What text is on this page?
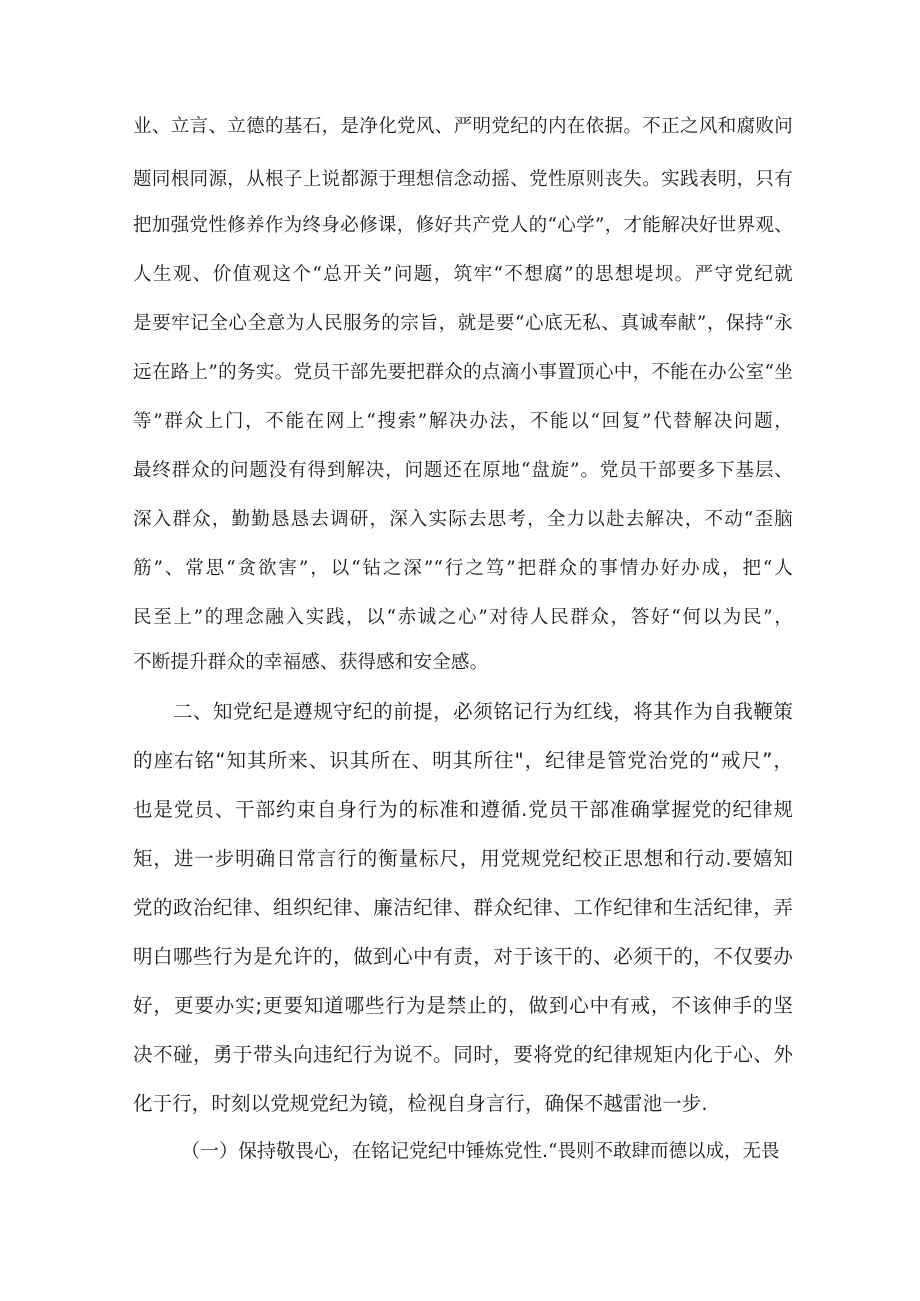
业、立言、立德的基石，是净化党风、严明党纪的内在依据。不正之风和腐败问
题同根同源，从根子上说都源于理想信念动摇、党性原则丧失。实践表明，只有
把加强党性修养作为终身必修课，修好共产党人的“心学”，才能解决好世界观、
人生观、价值观这个“总开关”问题，筑牢“不想腐”的思想堤坝。严守党纪就
是要牢记全心全意为人民服务的宗旨，就是要“心底无私、真诚奉献”，保持“永
远在路上”的务实。党员干部先要把群众的点滴小事置顶心中，不能在办公室“坐
等”群众上门，不能在网上“搜索”解决办法，不能以“回复”代替解决问题，
最终群众的问题没有得到解决，问题还在原地“盘旋”。党员干部要多下基层、
深入群众，勤勤恳恳去调研，深入实际去思考，全力以赴去解决，不动“歪脑
筋”、常思“贪欲害”，以“钻之深”“行之笃”把群众的事情办好办成，把“人
民至上”的理念融入实践，以“赤诚之心”对待人民群众，答好“何以为民”，
不断提升群众的幸福感、获得感和安全感。
二、知党纪是遵规守纪的前提，必须铭记行为红线，将其作为自我鞭策
的座右铭“知其所来、识其所在、明其所往"，纪律是管党治党的“戒尺”，
也是党员、干部约束自身行为的标准和遵循.党员干部准确掌握党的纪律规
矩，进一步明确日常言行的衡量标尺，用党规党纪校正思想和行动.要嬉知
党的政治纪律、组织纪律、廉洁纪律、群众纪律、工作纪律和生活纪律，弄
明白哪些行为是允许的，做到心中有责，对于该干的、必须干的，不仅要办
好，更要办实;更要知道哪些行为是禁止的，做到心中有戒，不该伸手的坚
决不碰，勇于带头向违纪行为说不。同时，要将党的纪律规矩内化于心、外
化于行，时刻以党规党纪为镜，检视自身言行，确保不越雷池一步.
（一）保持敬畏心，在铭记党纪中锤炼党性.“畏则不敢肆而德以成，无畏
